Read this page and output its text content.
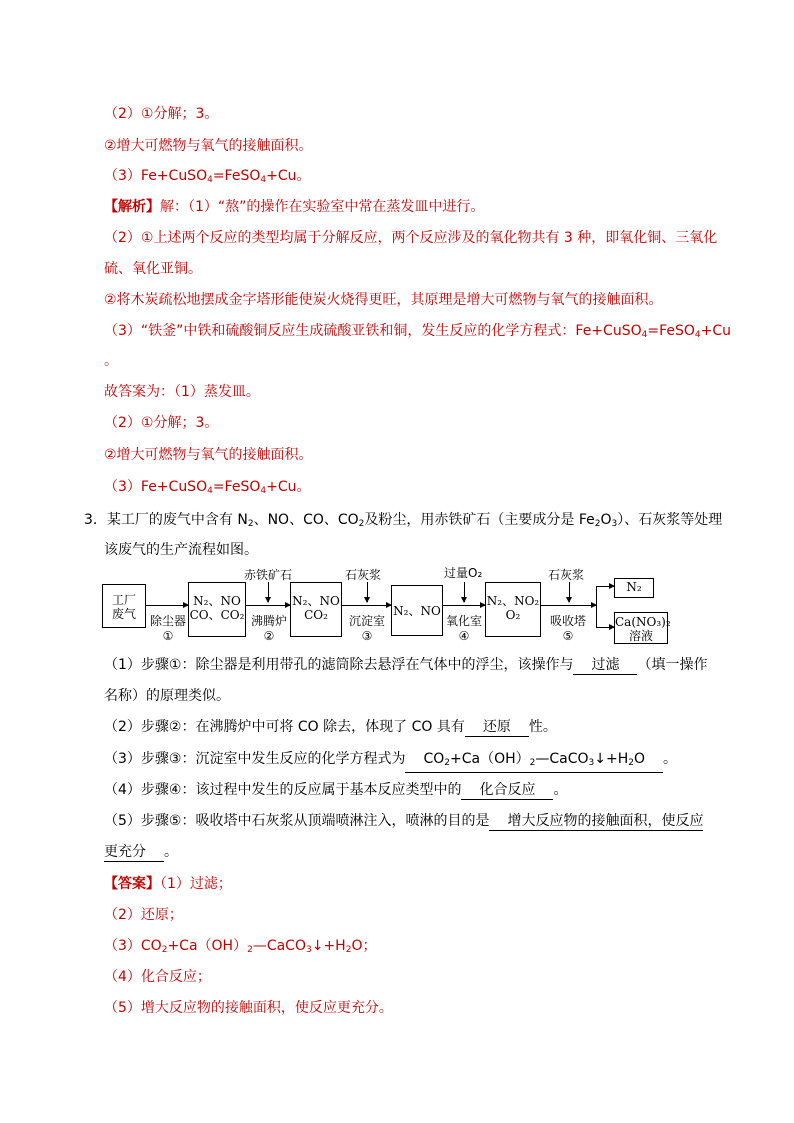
（2）①分解；3。
②增大可燃物与氧气的接触面积。
（3）Fe+CuSO$_4$=FeSO$_4$+Cu。
【解析】解：（1）“熬”的操作在实验室中常在蒸发皿中进行。
（2）①上述两个反应的类型均属于分解反应，两个反应涉及的氧化物共有 3 种，即氧化铜、三氧化
硫、氧化亚铜。
②将木炭疏松地摆成金字塔形能使炭火烧得更旺，其原理是增大可燃物与氧气的接触面积。
（3）“铁釜”中铁和硫酸铜反应生成硫酸亚铁和铜，发生反应的化学方程式：Fe+CuSO$_4$=FeSO$_4$+Cu
。
故答案为：（1）蒸发皿。
（2）①分解；3。
②增大可燃物与氧气的接触面积。
（3）Fe+CuSO$_4$=FeSO$_4$+Cu。
3．某工厂的废气中含有 $N_2$、NO、CO、$CO_2$及粉尘，用赤铁矿石（主要成分是 $Fe_2O_3$）、石灰浆等处理
该废气的生产流程如图。
工厂
废气
N₂、NO
CO、CO₂
N₂、NO
CO₂	N₂、NO
N₂、NO₂
O₂
N₂
Ca(NO₃)₂
溶液
赤铁矿石	石灰浆	过量O₂	石灰浆
除尘器
①
沸腾炉
②
沉淀室
③
氧化室
④
吸收塔
⑤
（1）步骤①：除尘器是利用带孔的滤筒除去悬浮在气体中的浮尘，该操作与 过滤 （填一操作
名称）的原理类似。
（2）步骤②：在沸腾炉中可将 CO 除去，体现了 CO 具有 还原 性。
（3）步骤③：沉淀室中发生反应的化学方程式为 $CO_2+Ca(OH)_2—CaCO_3↓+H_2O$ 。
（4）步骤④：该过程中发生的反应属于基本反应类型中的 化合反应 。
（5）步骤⑤：吸收塔中石灰浆从顶端喷淋注入，喷淋的目的是 增大反应物的接触面积，使反应
更充分 。
【答案】（1）过滤；
（2）还原；
$(3)CO_2+Ca(OH)_2—CaCO_3↓+H_2O$；
（4）化合反应；
（5）增大反应物的接触面积，使反应更充分。
